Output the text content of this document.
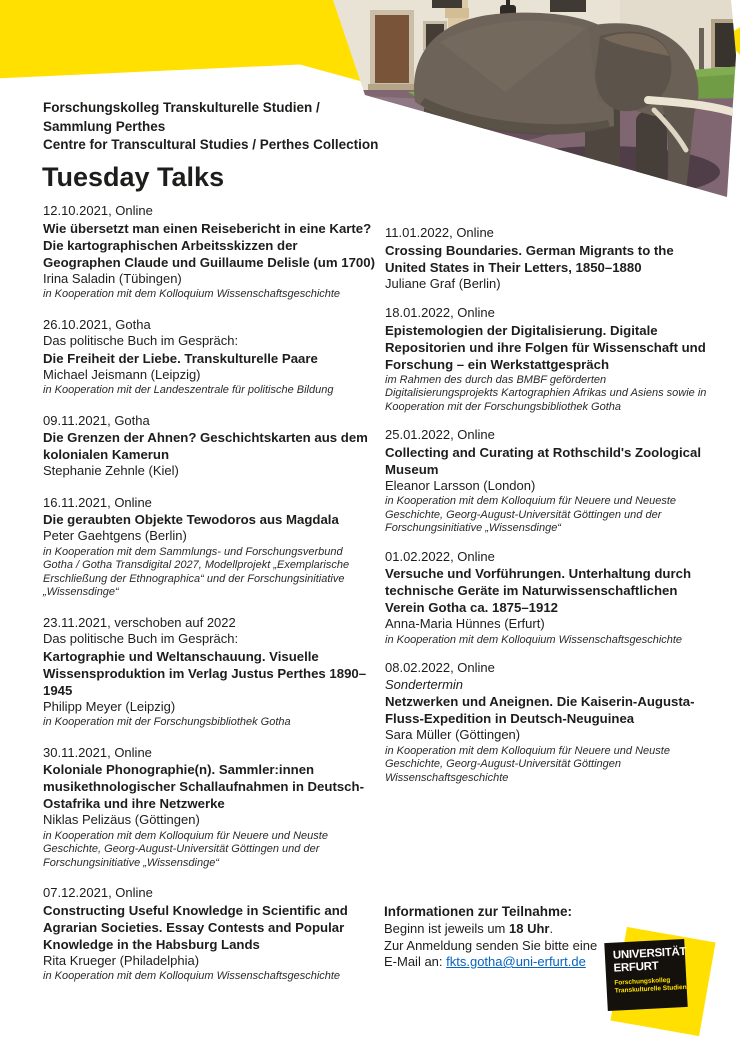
Forschungskolleg Transkulturelle Studien /
Sammlung Perthes
Centre for Transcultural Studies / Perthes Collection
Tuesday Talks
12.10.2021, Online
Wie übersetzt man einen Reisebericht in eine Karte? Die kartographischen Arbeitsskizzen der Geographen Claude und Guillaume Delisle (um 1700)
Irina Saladin (Tübingen)
in Kooperation mit dem Kolloquium Wissenschaftsgeschichte
26.10.2021, Gotha
Das politische Buch im Gespräch:
Die Freiheit der Liebe. Transkulturelle Paare
Michael Jeismann (Leipzig)
in Kooperation mit der Landeszentrale für politische Bildung
09.11.2021, Gotha
Die Grenzen der Ahnen? Geschichtskarten aus dem kolonialen Kamerun
Stephanie Zehnle (Kiel)
16.11.2021, Online
Die geraubten Objekte Tewodoros aus Magdala
Peter Gaehtgens (Berlin)
in Kooperation mit dem Sammlungs- und Forschungsverbund Gotha / Gotha Transdigital 2027, Modellprojekt „Exemplarische Erschließung der Ethnographica“ und der Forschungsinitiative „Wissensdinge“
23.11.2021, verschoben auf 2022
Das politische Buch im Gespräch:
Kartographie und Weltanschauung. Visuelle Wissensproduktion im Verlag Justus Perthes 1890–1945
Philipp Meyer (Leipzig)
in Kooperation mit der Forschungsbibliothek Gotha
30.11.2021, Online
Koloniale Phonographie(n). Sammler:innen musikethnologischer Schallaufnahmen in Deutsch-Ostafrika und ihre Netzwerke
Niklas Pelizäus (Göttingen)
in Kooperation mit dem Kolloquium für Neuere und Neuste Geschichte, Georg-August-Universität Göttingen und der Forschungsinitiative „Wissensdinge“
07.12.2021, Online
Constructing Useful Knowledge in Scientific and Agrarian Societies. Essay Contests and Popular Knowledge in the Habsburg Lands
Rita Krueger (Philadelphia)
in Kooperation mit dem Kolloquium Wissenschaftsgeschichte
11.01.2022, Online
Crossing Boundaries. German Migrants to the United States in Their Letters, 1850–1880
Juliane Graf (Berlin)
18.01.2022, Online
Epistemologien der Digitalisierung. Digitale Repositorien und ihre Folgen für Wissenschaft und Forschung – ein Werkstattgespräch
im Rahmen des durch das BMBF geförderten Digitalisierungsprojekts Kartographien Afrikas und Asiens sowie in Kooperation mit der Forschungsbibliothek Gotha
25.01.2022, Online
Collecting and Curating at Rothschild's Zoological Museum
Eleanor Larsson (London)
in Kooperation mit dem Kolloquium für Neuere und Neueste Geschichte, Georg-August-Universität Göttingen und der Forschungsinitiative „Wissensdinge“
01.02.2022, Online
Versuche und Vorführungen. Unterhaltung durch technische Geräte im Naturwissenschaftlichen Verein Gotha ca. 1875–1912
Anna-Maria Hünnes (Erfurt)
in Kooperation mit dem Kolloquium Wissenschaftsgeschichte
08.02.2022, Online
Sondertermin
Netzwerken und Aneignen. Die Kaiserin-Augusta-Fluss-Expedition in Deutsch-Neuguinea
Sara Müller (Göttingen)
in Kooperation mit dem Kolloquium für Neuere und Neuste Geschichte, Georg-August-Universität Göttingen Wissenschaftsgeschichte
Informationen zur Teilnahme:
Beginn ist jeweils um 18 Uhr.
Zur Anmeldung senden Sie bitte eine
E-Mail an: fkts.gotha@uni-erfurt.de	UNIVERSITÄT
ERFURT
Forschungskolleg
Transkulturelle Studien
